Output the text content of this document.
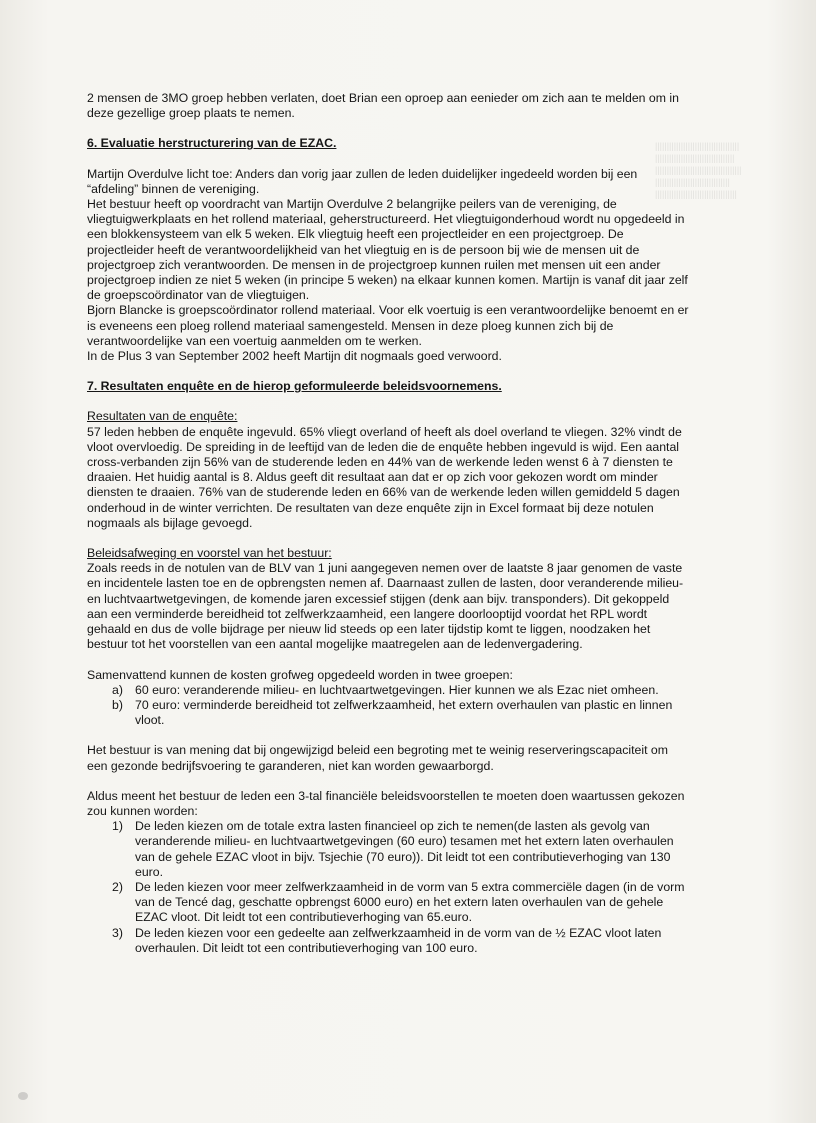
||||||||||||||||||||||||||||||||||||
||||||||||||||||||||||||||||||||||
|||||||||||||||||||||||||||||||||||||
||||||||||||||||||||||||||||||||
|||||||||||||||||||||||||||||||||||

2 mensen de 3MO groep hebben verlaten, doet Brian een oproep aan eenieder om zich aan te melden om in deze gezellige groep plaats te nemen.

6. Evaluatie herstructurering van de EZAC.

Martijn Overdulve licht toe: Anders dan vorig jaar zullen de leden duidelijker ingedeeld worden bij een “afdeling” binnen de vereniging.

Het bestuur heeft op voordracht van Martijn Overdulve 2 belangrijke peilers van de vereniging, de vliegtuigwerkplaats en het rollend materiaal, geherstructureerd. Het vliegtuigonderhoud wordt nu opgedeeld in een blokkensysteem van elk 5 weken. Elk vliegtuig heeft een projectleider en een projectgroep. De projectleider heeft de verantwoordelijkheid van het vliegtuig en is de persoon bij wie de mensen uit de projectgroep zich verantwoorden. De mensen in de projectgroep kunnen ruilen met mensen uit een ander projectgroep indien ze niet 5 weken (in principe 5 weken) na elkaar kunnen komen. Martijn is vanaf dit jaar zelf de groepscoördinator van de vliegtuigen.

Bjorn Blancke is groepscoördinator rollend materiaal. Voor elk voertuig is een verantwoordelijke benoemt en er is eveneens een ploeg rollend materiaal samengesteld. Mensen in deze ploeg kunnen zich bij de verantwoordelijke van een voertuig aanmelden om te werken.

In de Plus 3 van September 2002 heeft Martijn dit nogmaals goed verwoord.

7. Resultaten enquête en de hierop geformuleerde beleidsvoornemens.

Resultaten van de enquête:

57 leden hebben de enquête ingevuld. 65% vliegt overland of heeft als doel overland te vliegen. 32% vindt de vloot overvloedig. De spreiding in de leeftijd van de leden die de enquête hebben ingevuld is wijd. Een aantal cross-verbanden zijn 56% van de studerende leden en 44% van de werkende leden wenst 6 à 7 diensten te draaien. Het huidig aantal is 8. Aldus geeft dit resultaat aan dat er op zich voor gekozen wordt om minder diensten te draaien. 76% van de studerende leden en 66% van de werkende leden willen gemiddeld 5 dagen onderhoud in de winter verrichten. De resultaten van deze enquête zijn in Excel formaat bij deze notulen nogmaals als bijlage gevoegd.

Beleidsafweging en voorstel van het bestuur:

Zoals reeds in de notulen van de BLV van 1 juni aangegeven nemen over de laatste 8 jaar genomen de vaste en incidentele lasten toe en de opbrengsten nemen af. Daarnaast zullen de lasten, door veranderende milieu- en luchtvaartwetgevingen, de komende jaren excessief stijgen (denk aan bijv. transponders). Dit gekoppeld aan een verminderde bereidheid tot zelfwerkzaamheid, een langere doorlooptijd voordat het RPL wordt gehaald en dus de volle bijdrage per nieuw lid steeds op een later tijdstip komt te liggen, noodzaken het bestuur tot het voorstellen van een aantal mogelijke maatregelen aan de ledenvergadering.

Samenvattend kunnen de kosten grofweg opgedeeld worden in twee groepen:

a) 60 euro: veranderende milieu- en luchtvaartwetgevingen. Hier kunnen we als Ezac niet omheen.
b) 70 euro: verminderde bereidheid tot zelfwerkzaamheid, het extern overhaulen van plastic en linnen vloot.

Het bestuur is van mening dat bij ongewijzigd beleid een begroting met te weinig reserveringscapaciteit om een gezonde bedrijfsvoering te garanderen, niet kan worden gewaarborgd.

Aldus meent het bestuur de leden een 3-tal financiële beleidsvoorstellen te moeten doen waartussen gekozen zou kunnen worden:

1) De leden kiezen om de totale extra lasten financieel op zich te nemen(de lasten als gevolg van veranderende milieu- en luchtvaartwetgevingen (60 euro) tesamen met het extern laten overhaulen van de gehele EZAC vloot in bijv. Tsjechie (70 euro)). Dit leidt tot een contributieverhoging van 130 euro.
2) De leden kiezen voor meer zelfwerkzaamheid in de vorm van 5 extra commerciële dagen (in de vorm van de Tencé dag, geschatte opbrengst 6000 euro) en het extern laten overhaulen van de gehele EZAC vloot. Dit leidt tot een contributieverhoging van 65.euro.
3) De leden kiezen voor een gedeelte aan zelfwerkzaamheid in de vorm van de ½ EZAC vloot laten overhaulen. Dit leidt tot een contributieverhoging van 100 euro.
